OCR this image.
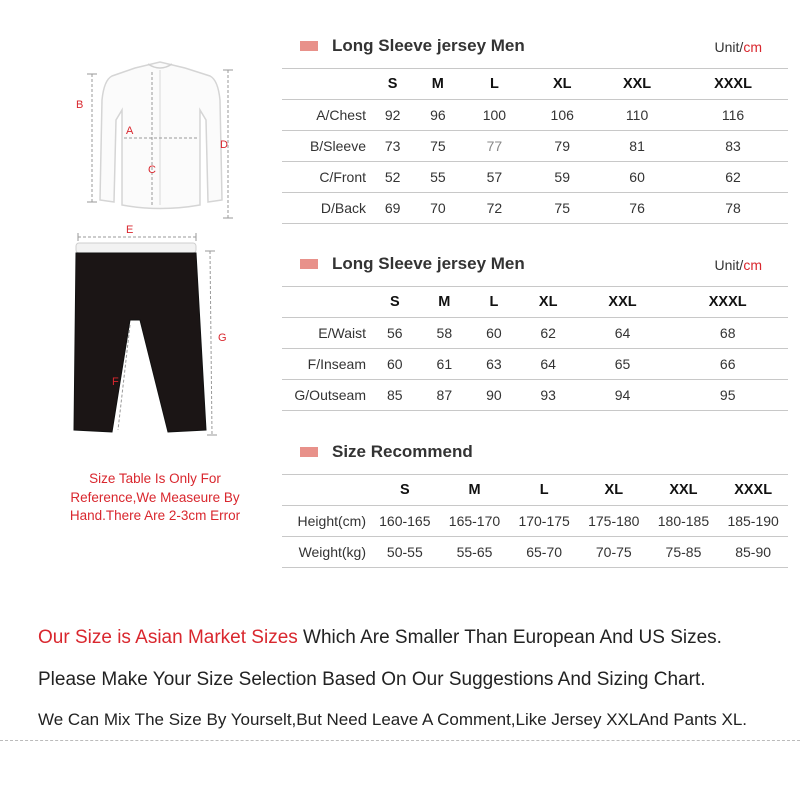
A
B
C
D
E
F
G
Size Table Is Only For
Reference,We Measeure By
Hand.There Are 2-3cm Error
Long Sleeve jersey Men	Unit/cm
	S	M	L	XL	XXL	XXXL
A/Chest	92	96	100	106	110	116
B/Sleeve	73	75	77	79	81	83
C/Front	52	55	57	59	60	62
D/Back	69	70	72	75	76	78
Long Sleeve jersey Men	Unit/cm
	S	M	L	XL	XXL	XXXL
E/Waist	56	58	60	62	64	68
F/Inseam	60	61	63	64	65	66
G/Outseam	85	87	90	93	94	95
Size Recommend
	S	M	L	XL	XXL	XXXL
Height(cm)	160-165	165-170	170-175	175-180	180-185	185-190
Weight(kg)	50-55	55-65	65-70	70-75	75-85	85-90
Our Size is Asian Market Sizes Which Are Smaller Than European And US Sizes.
Please Make Your Size Selection Based On Our Suggestions And Sizing Chart.
We Can Mix The Size By Yourselt,But Need Leave A Comment,Like Jersey XXLAnd Pants XL.
